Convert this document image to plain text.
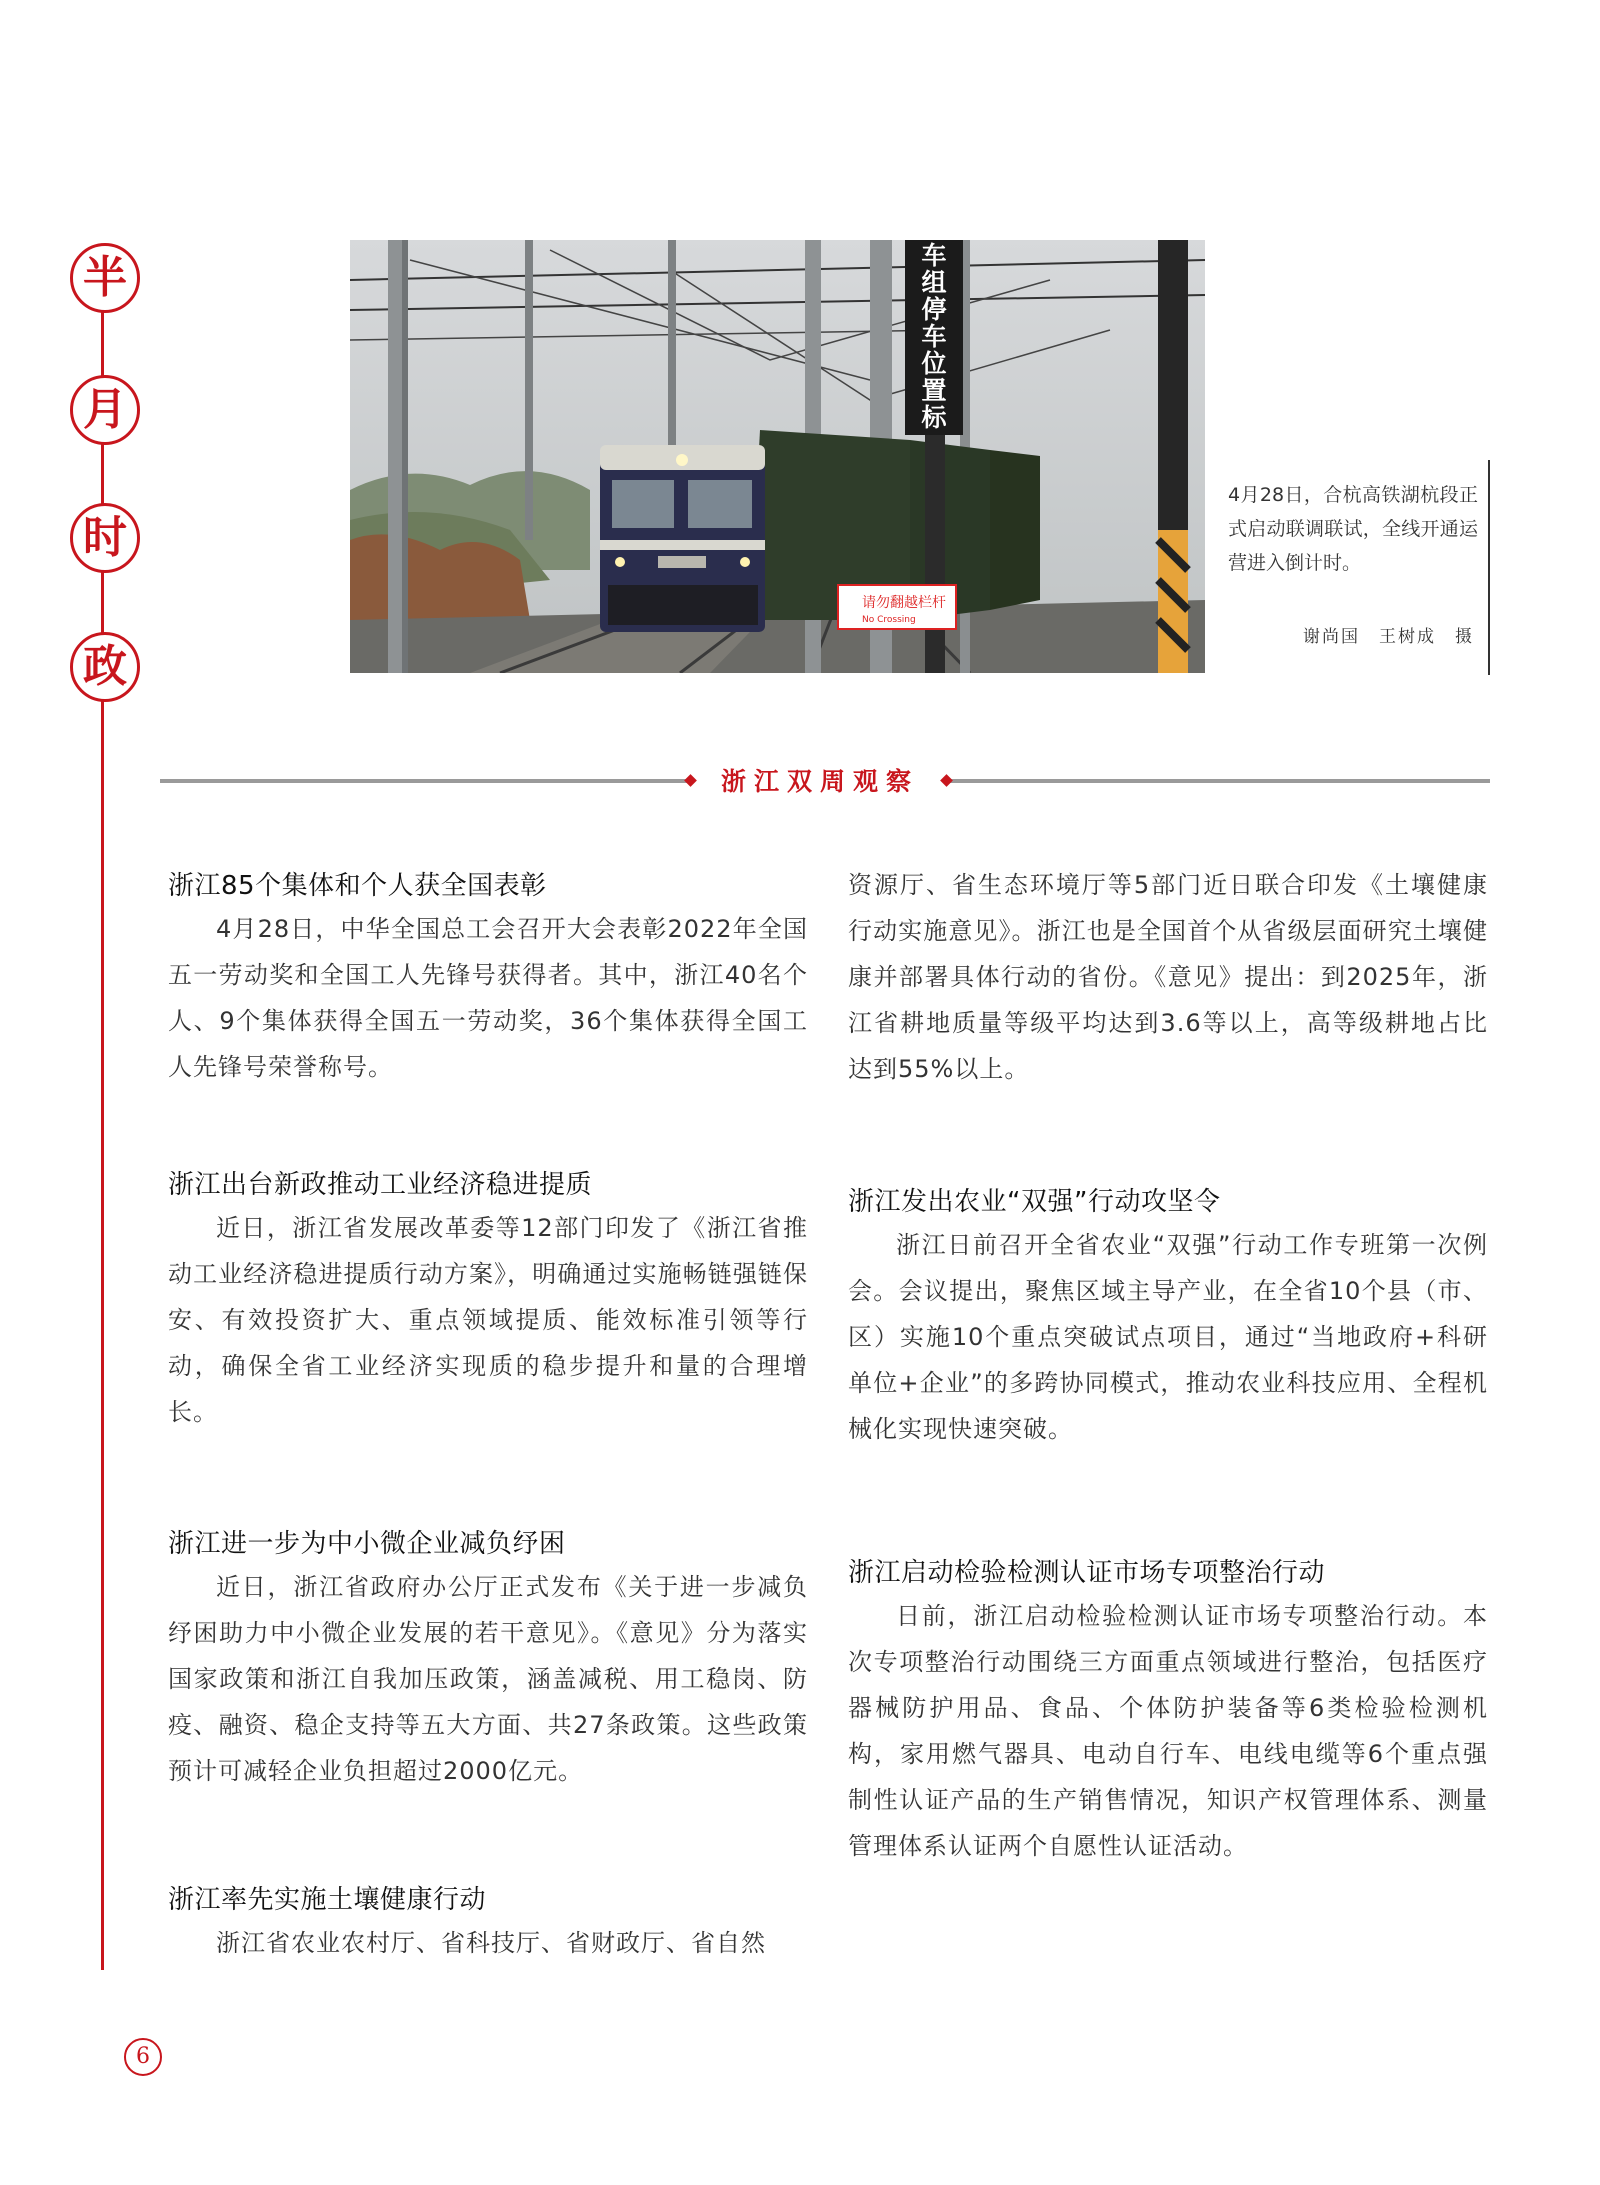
半
月
时
政
车
组
停
车
位
置
标
请勿翻越栏杆
No Crossing
4月28日，合杭高铁湖杭段正式启动联调联试，全线开通运营进入倒计时。
谢尚国　王树成　摄
浙江双周观察
浙江85个集体和个人获全国表彰

4月28日，中华全国总工会召开大会表彰2022年全国五一劳动奖和全国工人先锋号获得者。其中，浙江40名个人、9个集体获得全国五一劳动奖，36个集体获得全国工人先锋号荣誉称号。

浙江出台新政推动工业经济稳进提质

近日，浙江省发展改革委等12部门印发了《浙江省推动工业经济稳进提质行动方案》，明确通过实施畅链强链保安、有效投资扩大、重点领域提质、能效标准引领等行动，确保全省工业经济实现质的稳步提升和量的合理增长。

浙江进一步为中小微企业减负纾困

近日，浙江省政府办公厅正式发布《关于进一步减负纾困助力中小微企业发展的若干意见》。《意见》分为落实国家政策和浙江自我加压政策，涵盖减税、用工稳岗、防疫、融资、稳企支持等五大方面、共27条政策。这些政策预计可减轻企业负担超过2000亿元。

浙江率先实施土壤健康行动

浙江省农业农村厅、省科技厅、省财政厅、省自然

资源厅、省生态环境厅等5部门近日联合印发《土壤健康行动实施意见》。浙江也是全国首个从省级层面研究土壤健康并部署具体行动的省份。《意见》提出：到2025年，浙江省耕地质量等级平均达到3.6等以上，高等级耕地占比达到55%以上。

浙江发出农业“双强”行动攻坚令

浙江日前召开全省农业“双强”行动工作专班第一次例会。会议提出，聚焦区域主导产业，在全省10个县（市、区）实施10个重点突破试点项目，通过“当地政府+科研单位+企业”的多跨协同模式，推动农业科技应用、全程机械化实现快速突破。

浙江启动检验检测认证市场专项整治行动

日前，浙江启动检验检测认证市场专项整治行动。本次专项整治行动围绕三方面重点领域进行整治，包括医疗器械防护用品、食品、个体防护装备等6类检验检测机构，家用燃气器具、电动自行车、电线电缆等6个重点强制性认证产品的生产销售情况，知识产权管理体系、测量管理体系认证两个自愿性认证活动。

6
